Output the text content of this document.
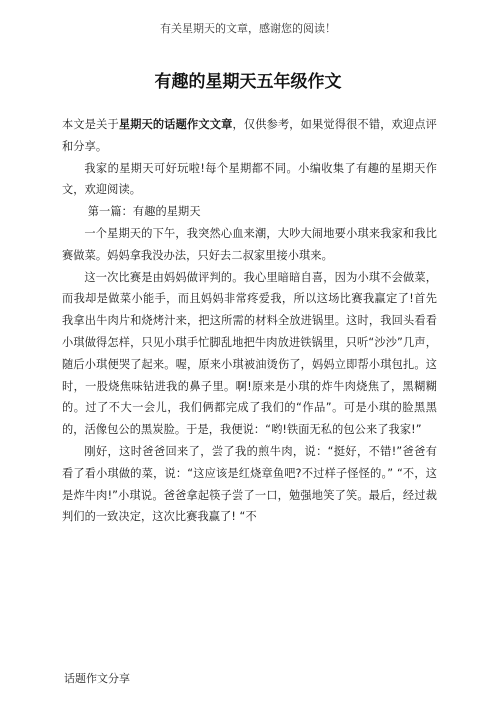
有关星期天的文章，感谢您的阅读！
有趣的星期天五年级作文

本文是关于星期天的话题作文文章，仅供参考，如果觉得很不错，欢迎点评和分享。

我家的星期天可好玩啦!每个星期都不同。小编收集了有趣的星期天作文，欢迎阅读。

第一篇：有趣的星期天

一个星期天的下午，我突然心血来潮，大吵大闹地要小琪来我家和我比赛做菜。妈妈拿我没办法，只好去二叔家里接小琪来。

这一次比赛是由妈妈做评判的。我心里暗暗自喜，因为小琪不会做菜，而我却是做菜小能手，而且妈妈非常疼爱我，所以这场比赛我赢定了!首先我拿出牛肉片和烧烤汁来，把这所需的材料全放进锅里。这时，我回头看看小琪做得怎样，只见小琪手忙脚乱地把牛肉放进铁锅里，只听“沙沙”几声，随后小琪便哭了起来。喔，原来小琪被油烫伤了，妈妈立即帮小琪包扎。这时，一股烧焦味钻进我的鼻子里。啊!原来是小琪的炸牛肉烧焦了，黑糊糊的。过了不大一会儿，我们俩都完成了我们的“作品”。可是小琪的脸黑黑的，活像包公的黑炭脸。于是，我便说：“哟!铁面无私的包公来了我家!”

刚好，这时爸爸回来了，尝了我的煎牛肉，说：“挺好，不错!”爸爸有看了看小琪做的菜，说：“这应该是红烧章鱼吧?不过样子怪怪的。” “不，这是炸牛肉!”小琪说。爸爸拿起筷子尝了一口，勉强地笑了笑。最后，经过裁判们的一致决定，这次比赛我赢了! “不

话题作文分享
